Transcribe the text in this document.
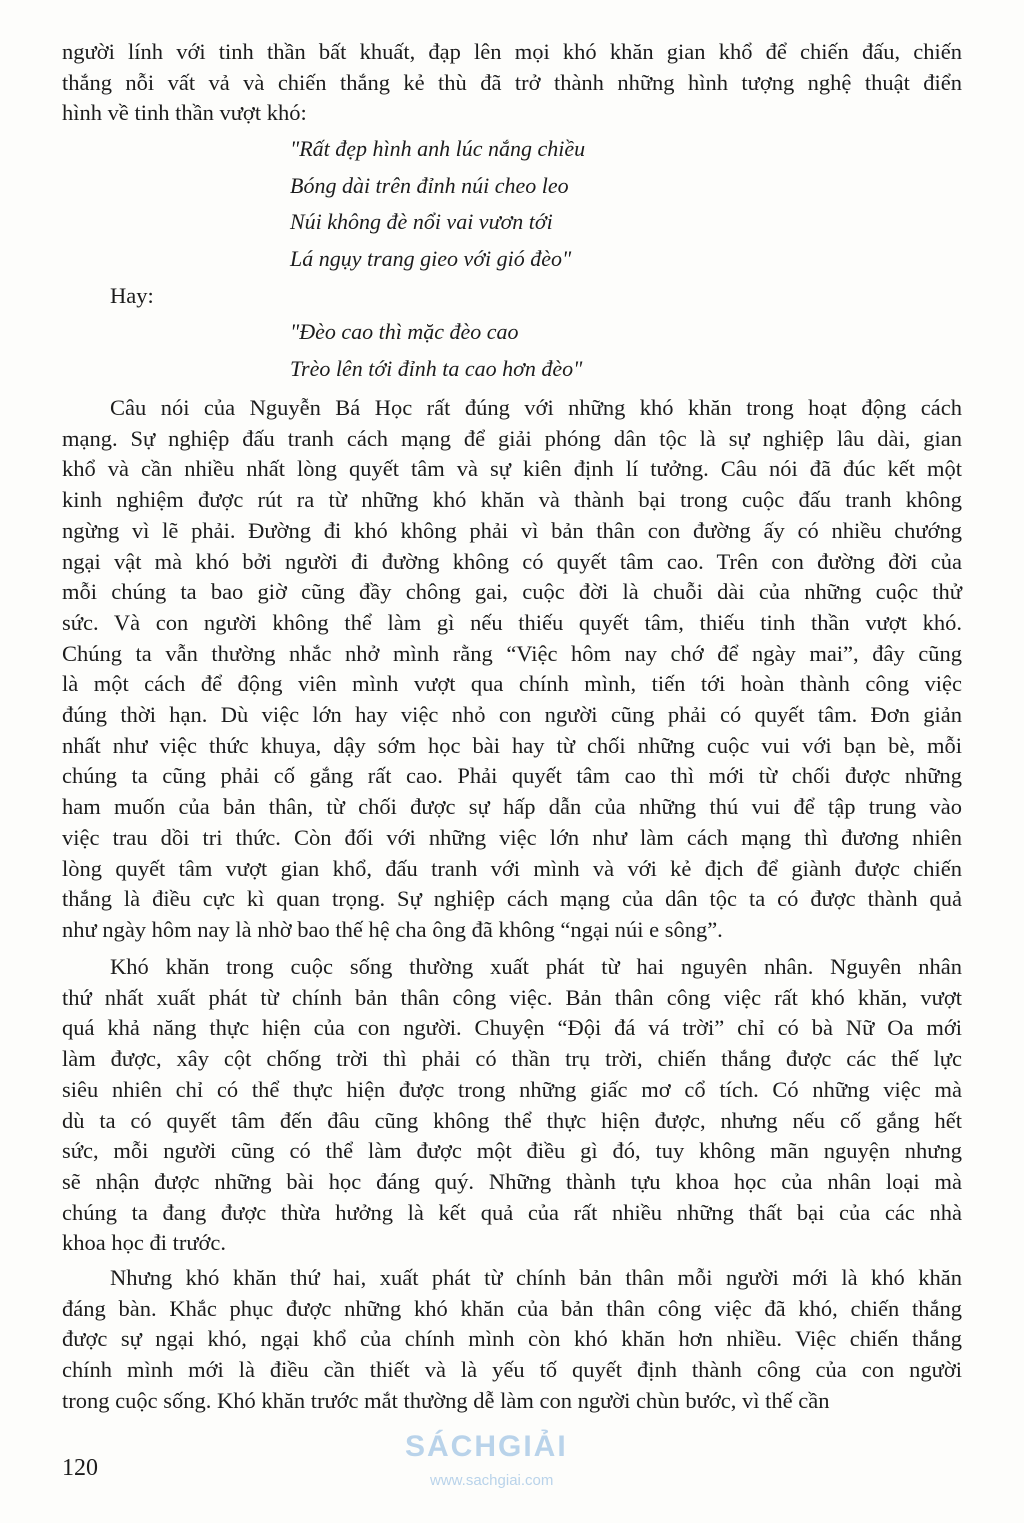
người lính với tinh thần bất khuất, đạp lên mọi khó khăn gian khổ để chiến đấu, chiến
thắng nỗi vất vả và chiến thắng kẻ thù đã trở thành những hình tượng nghệ thuật điển
hình về tinh thần vượt khó:
"Rất đẹp hình anh lúc nắng chiều
Bóng dài trên đỉnh núi cheo leo
Núi không đè nổi vai vươn tới
Lá ngụy trang gieo với gió đèo"
Hay:
"Đèo cao thì mặc đèo cao
Trèo lên tới đỉnh ta cao hơn đèo"
Câu nói của Nguyễn Bá Học rất đúng với những khó khăn trong hoạt động cách
mạng. Sự nghiệp đấu tranh cách mạng để giải phóng dân tộc là sự nghiệp lâu dài, gian
khổ và cần nhiều nhất lòng quyết tâm và sự kiên định lí tưởng. Câu nói đã đúc kết một
kinh nghiệm được rút ra từ những khó khăn và thành bại trong cuộc đấu tranh không
ngừng vì lẽ phải. Đường đi khó không phải vì bản thân con đường ấy có nhiều chướng
ngại vật mà khó bởi người đi đường không có quyết tâm cao. Trên con đường đời của
mỗi chúng ta bao giờ cũng đầy chông gai, cuộc đời là chuỗi dài của những cuộc thử
sức. Và con người không thể làm gì nếu thiếu quyết tâm, thiếu tinh thần vượt khó.
Chúng ta vẫn thường nhắc nhở mình rằng “Việc hôm nay chớ để ngày mai”, đây cũng
là một cách để động viên mình vượt qua chính mình, tiến tới hoàn thành công việc
đúng thời hạn. Dù việc lớn hay việc nhỏ con người cũng phải có quyết tâm. Đơn giản
nhất như việc thức khuya, dậy sớm học bài hay từ chối những cuộc vui với bạn bè, mỗi
chúng ta cũng phải cố gắng rất cao. Phải quyết tâm cao thì mới từ chối được những
ham muốn của bản thân, từ chối được sự hấp dẫn của những thú vui để tập trung vào
việc trau dồi tri thức. Còn đối với những việc lớn như làm cách mạng thì đương nhiên
lòng quyết tâm vượt gian khổ, đấu tranh với mình và với kẻ địch để giành được chiến
thắng là điều cực kì quan trọng. Sự nghiệp cách mạng của dân tộc ta có được thành quả
như ngày hôm nay là nhờ bao thế hệ cha ông đã không “ngại núi e sông”.
Khó khăn trong cuộc sống thường xuất phát từ hai nguyên nhân. Nguyên nhân
thứ nhất xuất phát từ chính bản thân công việc. Bản thân công việc rất khó khăn, vượt
quá khả năng thực hiện của con người. Chuyện “Đội đá vá trời” chỉ có bà Nữ Oa mới
làm được, xây cột chống trời thì phải có thần trụ trời, chiến thắng được các thế lực
siêu nhiên chỉ có thể thực hiện được trong những giấc mơ cổ tích. Có những việc mà
dù ta có quyết tâm đến đâu cũng không thể thực hiện được, nhưng nếu cố gắng hết
sức, mỗi người cũng có thể làm được một điều gì đó, tuy không mãn nguyện nhưng
sẽ nhận được những bài học đáng quý. Những thành tựu khoa học của nhân loại mà
chúng ta đang được thừa hưởng là kết quả của rất nhiều những thất bại của các nhà
khoa học đi trước.
Nhưng khó khăn thứ hai, xuất phát từ chính bản thân mỗi người mới là khó khăn
đáng bàn. Khắc phục được những khó khăn của bản thân công việc đã khó, chiến thắng
được sự ngại khó, ngại khổ của chính mình còn khó khăn hơn nhiều. Việc chiến thắng
chính mình mới là điều cần thiết và là yếu tố quyết định thành công của con người
trong cuộc sống. Khó khăn trước mắt thường dễ làm con người chùn bước, vì thế cần
SÁCHGIẢI
www.sachgiai.com
120
